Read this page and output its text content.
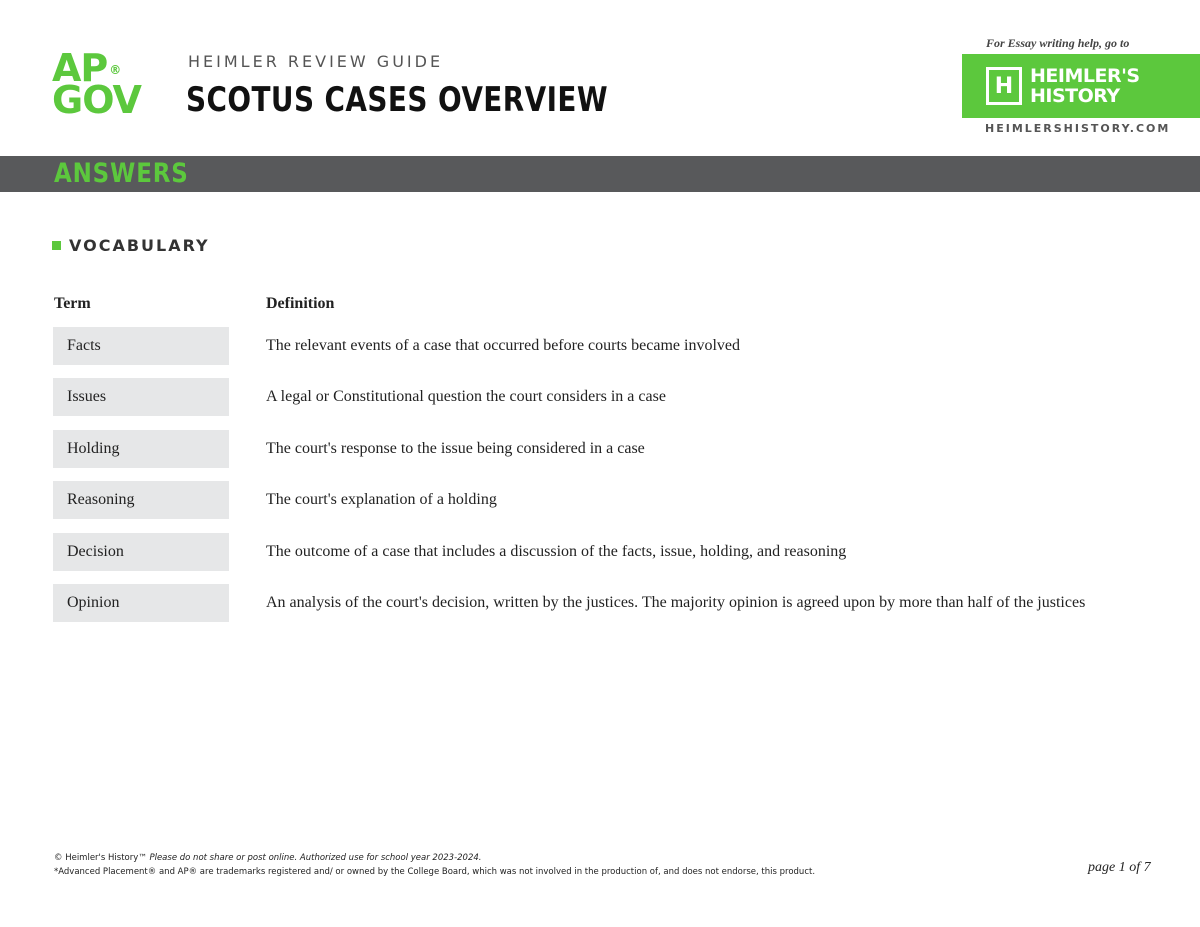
AP ®
GOV
HEIMLER REVIEW GUIDE
SCOTUS CASES OVERVIEW
For Essay writing help, go to
H HEIMLER'S
HISTORY
HEIMLERSHISTORY.COM
ANSWERS
VOCABULARY
Term	Definition
Facts	The relevant events of a case that occurred before courts became involved
Issues	A legal or Constitutional question the court considers in a case
Holding	The court's response to the issue being considered in a case
Reasoning	The court's explanation of a holding
Decision	The outcome of a case that includes a discussion of the facts, issue, holding, and reasoning
Opinion	An analysis of the court's decision, written by the justices. The majority opinion is agreed upon by more than half of the justices
© Heimler's History™ Please do not share or post online. Authorized use for school year 2023-2024.
*Advanced Placement® and AP® are trademarks registered and/ or owned by the College Board, which was not involved in the production of, and does not endorse, this product.	page 1 of 7
